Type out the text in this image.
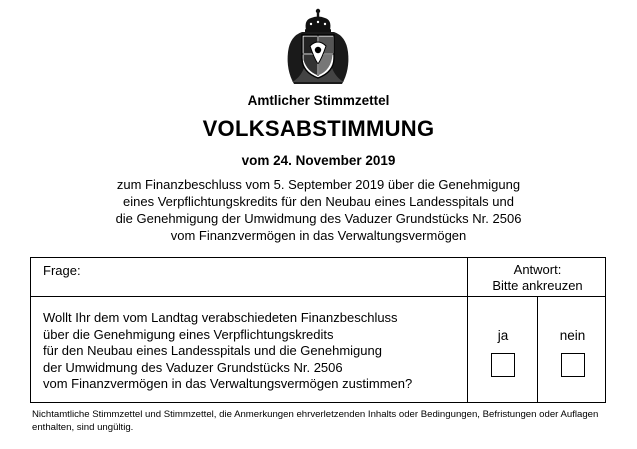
Amtlicher Stimmzettel
VOLKSABSTIMMUNG
vom 24. November 2019
zum Finanzbeschluss vom 5. September 2019 über die Genehmigung
eines Verpflichtungskredits für den Neubau eines Landesspitals und
die Genehmigung der Umwidmung des Vaduzer Grundstücks Nr. 2506
vom Finanzvermögen in das Verwaltungsvermögen
Frage:	Antwort:
Bitte ankreuzen
Wollt Ihr dem vom Landtag verabschiedeten Finanzbeschluss
über die Genehmigung eines Verpflichtungskredits
für den Neubau eines Landesspitals und die Genehmigung
der Umwidmung des Vaduzer Grundstücks Nr. 2506
vom Finanzvermögen in das Verwaltungsvermögen zustimmen?
ja	nein
Nichtamtliche Stimmzettel und Stimmzettel, die Anmerkungen ehrverletzenden Inhalts oder Bedingungen, Befristungen oder Auflagen enthalten, sind ungültig.
